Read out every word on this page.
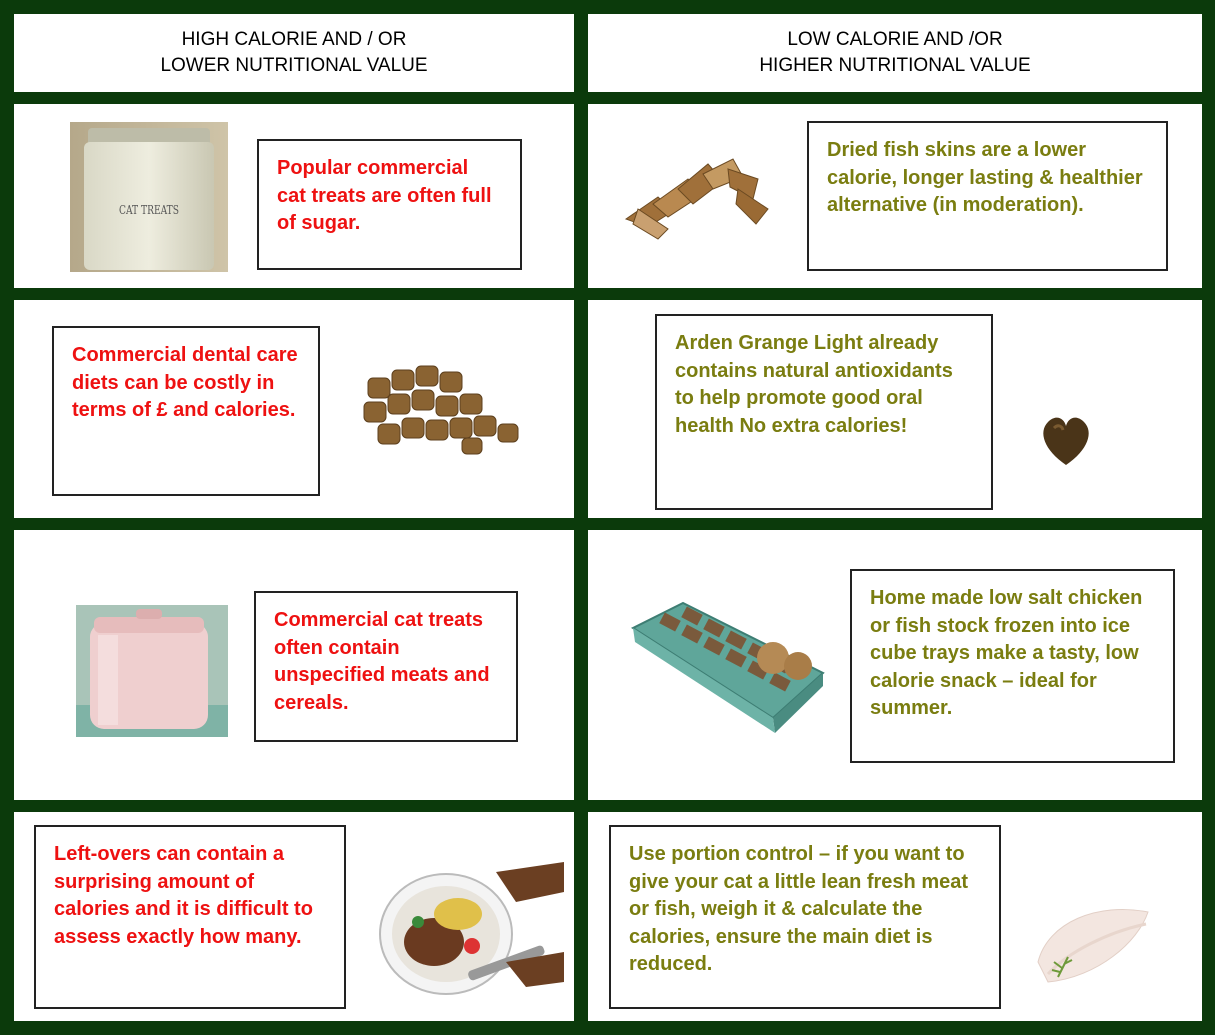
HIGH CALORIE AND / OR
LOWER NUTRITIONAL VALUE
LOW CALORIE AND /OR
HIGHER NUTRITIONAL VALUE
CAT TREATS
Popular commercial cat treats are often full of sugar.
Dried fish skins are a lower calorie, longer lasting & healthier alternative (in moderation).
Commercial dental care diets can be costly in terms of £ and calories.
Arden Grange Light already contains natural antioxidants to help promote good oral health No extra calories!
Commercial cat treats often contain unspecified meats and cereals.
Home made low salt chicken or fish stock frozen into ice cube trays make a tasty, low calorie snack – ideal for summer.
Left-overs can contain a surprising amount of calories and it is difficult to assess exactly how many.
Use portion control – if you want to give your cat a little lean fresh meat or fish, weigh it & calculate the calories, ensure the main diet is reduced.
